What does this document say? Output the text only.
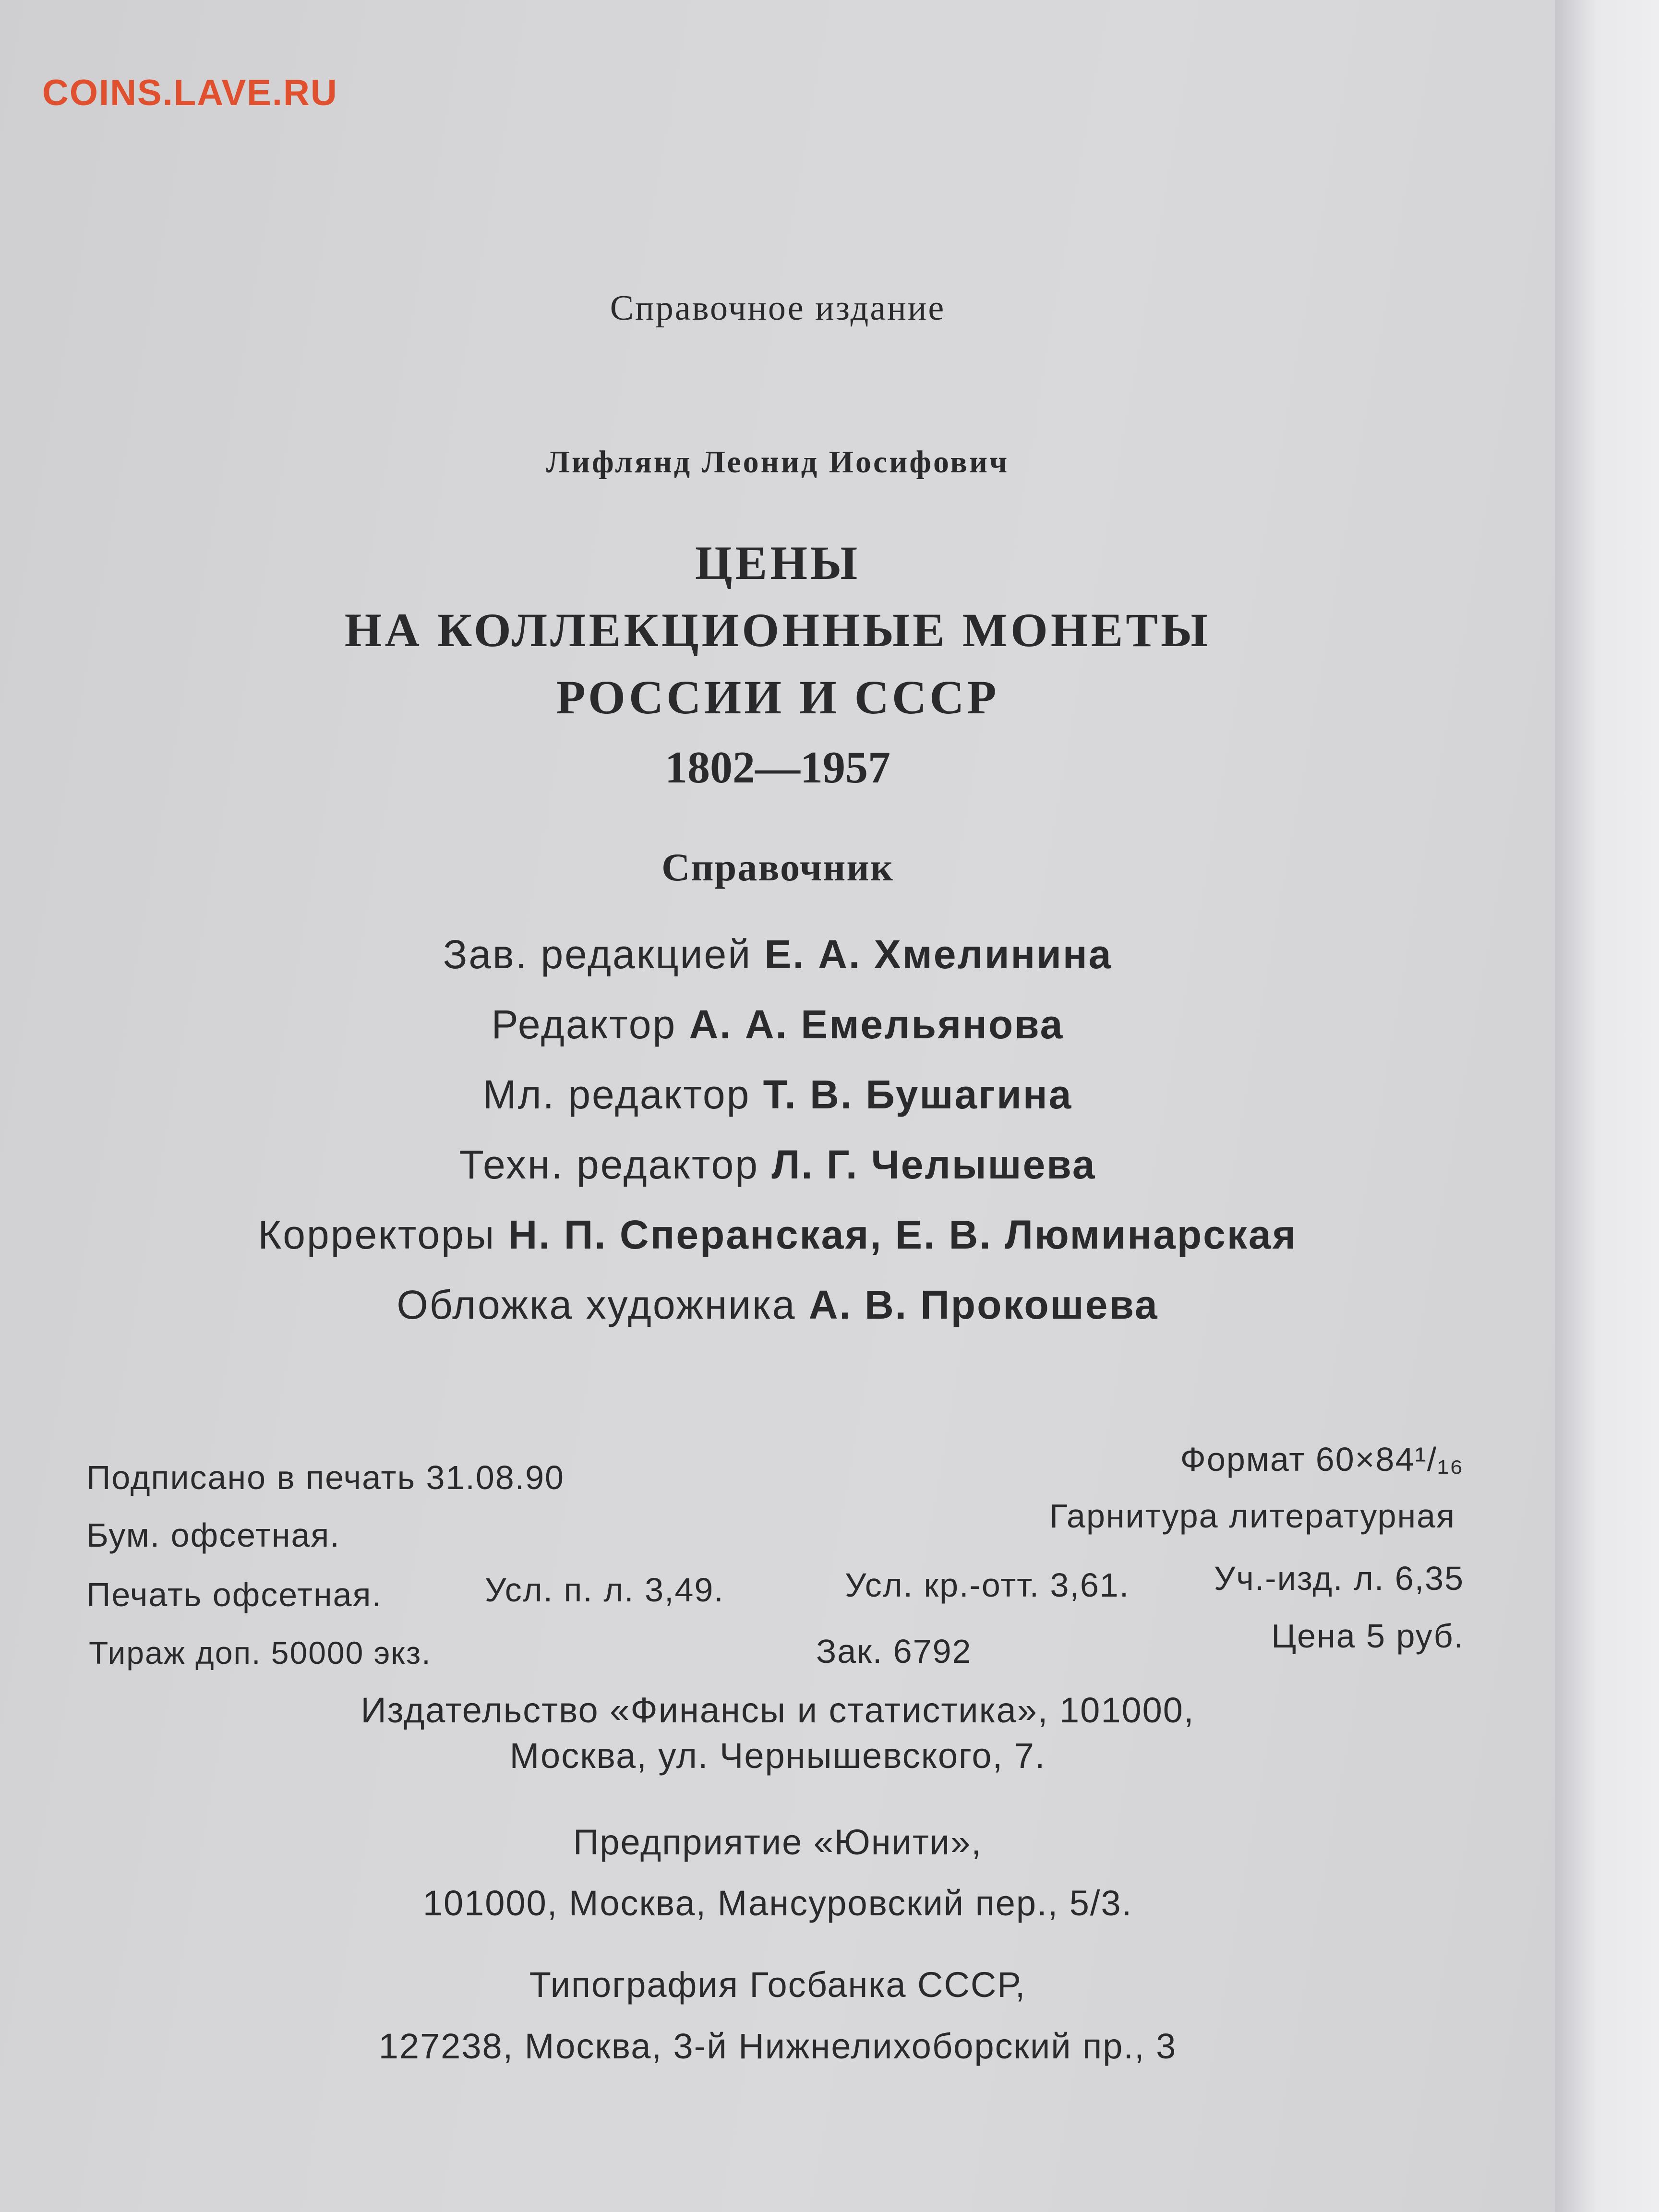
COINS.LAVE.RU
Справочное издание
Лифлянд Леонид Иосифович
ЦЕНЫ
НА КОЛЛЕКЦИОННЫЕ МОНЕТЫ
РОССИИ И СССР
1802—1957
Справочник
Зав. редакцией Е. А. Хмелинина
Редактор А. А. Емельянова
Мл. редактор Т. В. Бушагина
Техн. редактор Л. Г. Челышева
Корректоры Н. П. Сперанская, Е. В. Люминарская
Обложка художника А. В. Прокошева
Подписано в печать 31.08.90	Формат 60×84¹/₁₆
Бум. офсетная.
Гарнитура литературная
Печать офсетная.	Усл. п. л. 3,49.	Усл. кр.-отт. 3,61.	Уч.-изд. л. 6,35
Тираж доп. 50000 экз.	Зак. 6792	Цена 5 руб.
Издательство «Финансы и статистика», 101000,
Москва, ул. Чернышевского, 7.
Предприятие «Юнити»,
101000, Москва, Мансуровский пер., 5/3.
Типография Госбанка СССР,
127238, Москва, 3-й Нижнелихоборский пр., 3
